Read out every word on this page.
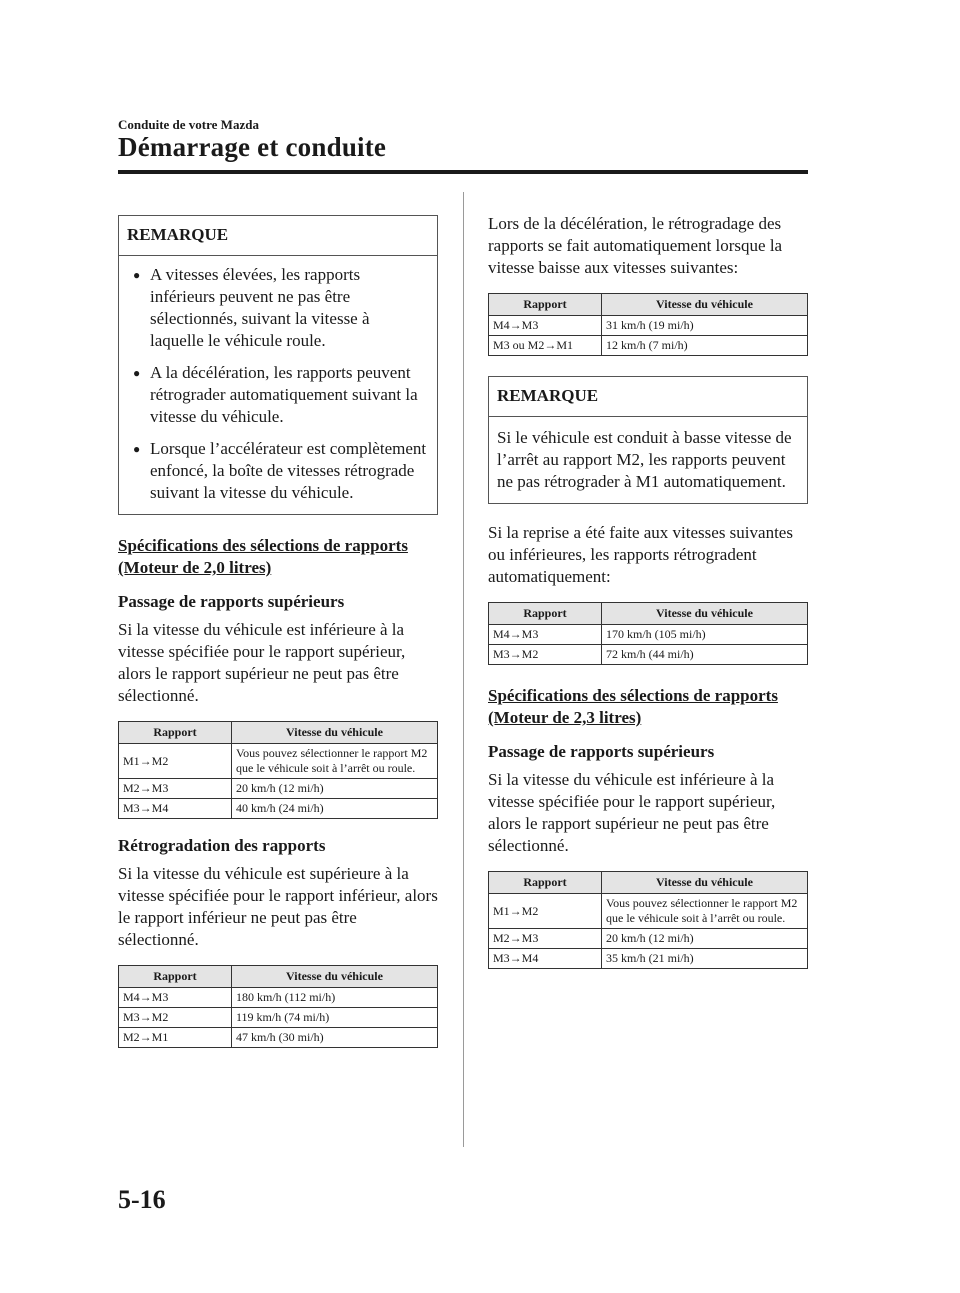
Conduite de votre Mazda
Démarrage et conduite
REMARQUE
● A vitesses élevées, les rapports inférieurs peuvent ne pas être sélectionnés, suivant la vitesse à laquelle le véhicule roule.
● A la décélération, les rapports peuvent rétrograder automatiquement suivant la vitesse du véhicule.
● Lorsque l’accélérateur est complètement enfoncé, la boîte de vitesses rétrograde suivant la vitesse du véhicule.
Spécifications des sélections de rapports (Moteur de 2,0 litres)
Passage de rapports supérieurs
Si la vitesse du véhicule est inférieure à la vitesse spécifiée pour le rapport supérieur, alors le rapport supérieur ne peut pas être sélectionné.
Rapport	Vitesse du véhicule
M1→M2	Vous pouvez sélectionner le rapport M2 que le véhicule soit à l’arrêt ou roule.
M2→M3	20 km/h (12 mi/h)
M3→M4	40 km/h (24 mi/h)
Rétrogradation des rapports
Si la vitesse du véhicule est supérieure à la vitesse spécifiée pour le rapport inférieur, alors le rapport inférieur ne peut pas être sélectionné.
Rapport	Vitesse du véhicule
M4→M3	180 km/h (112 mi/h)
M3→M2	119 km/h (74 mi/h)
M2→M1	47 km/h (30 mi/h)
Lors de la décélération, le rétrogradage des rapports se fait automatiquement lorsque la vitesse baisse aux vitesses suivantes:
Rapport	Vitesse du véhicule
M4→M3	31 km/h (19 mi/h)
M3 ou M2→M1	12 km/h (7 mi/h)
REMARQUE
Si le véhicule est conduit à basse vitesse de l’arrêt au rapport M2, les rapports peuvent ne pas rétrograder à M1 automatiquement.
Si la reprise a été faite aux vitesses suivantes ou inférieures, les rapports rétrogradent automatiquement:
Rapport	Vitesse du véhicule
M4→M3	170 km/h (105 mi/h)
M3→M2	72 km/h (44 mi/h)
Spécifications des sélections de rapports (Moteur de 2,3 litres)
Passage de rapports supérieurs
Si la vitesse du véhicule est inférieure à la vitesse spécifiée pour le rapport supérieur, alors le rapport supérieur ne peut pas être sélectionné.
Rapport	Vitesse du véhicule
M1→M2	Vous pouvez sélectionner le rapport M2 que le véhicule soit à l’arrêt ou roule.
M2→M3	20 km/h (12 mi/h)
M3→M4	35 km/h (21 mi/h)
5-16
